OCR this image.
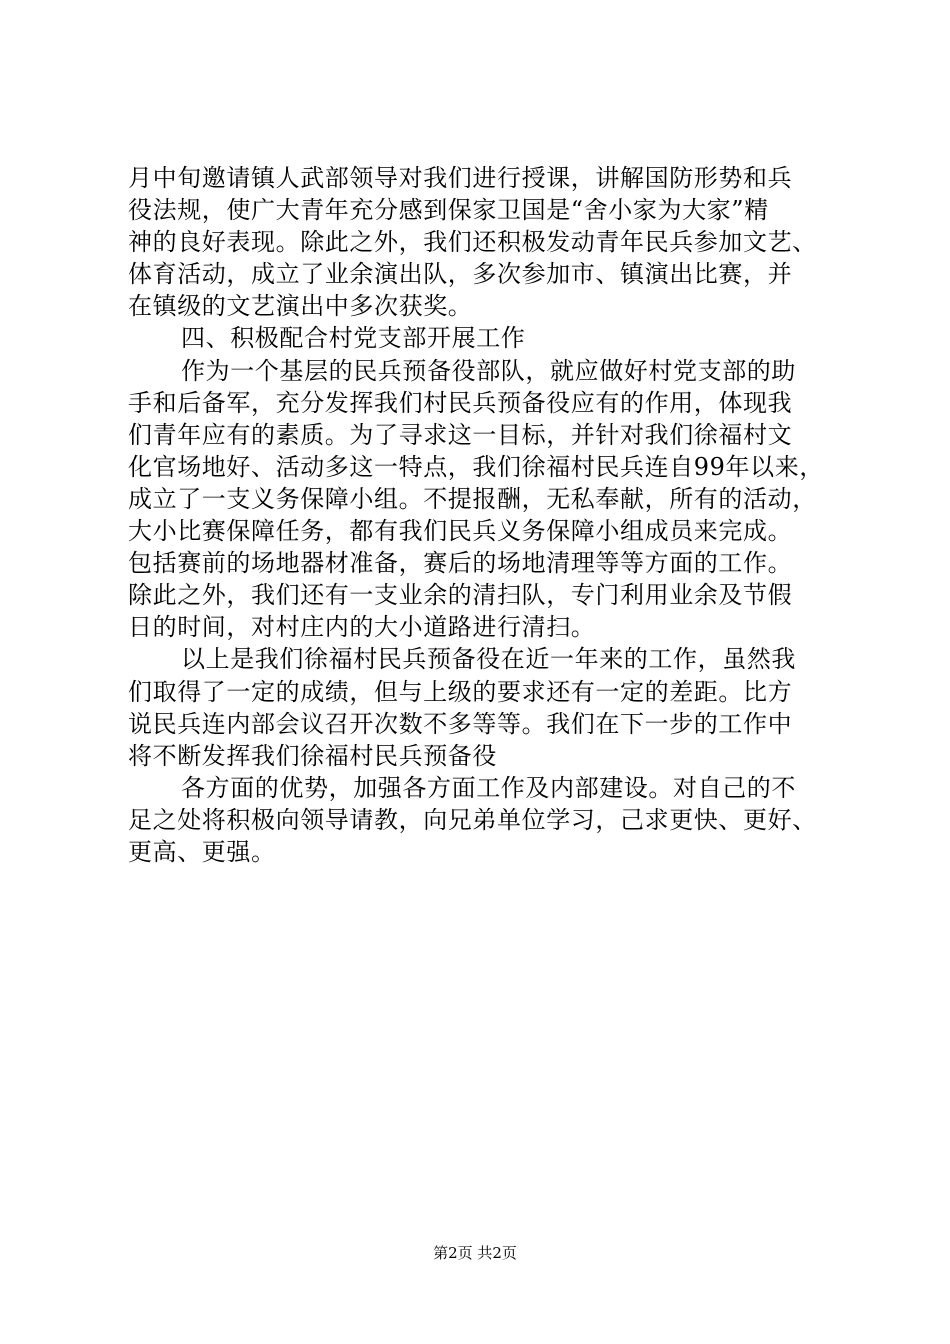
月中旬邀请镇人武部领导对我们进行授课，讲解国防形势和兵
役法规，使广大青年充分感到保家卫国是“舍小家为大家”精
神的良好表现。除此之外，我们还积极发动青年民兵参加文艺、
体育活动，成立了业余演出队，多次参加市、镇演出比赛，并
在镇级的文艺演出中多次获奖。
四、积极配合村党支部开展工作
作为一个基层的民兵预备役部队，就应做好村党支部的助
手和后备军，充分发挥我们村民兵预备役应有的作用，体现我
们青年应有的素质。为了寻求这一目标，并针对我们徐福村文
化官场地好、活动多这一特点，我们徐福村民兵连自99年以来，
成立了一支义务保障小组。不提报酬，无私奉献，所有的活动，
大小比赛保障任务，都有我们民兵义务保障小组成员来完成。
包括赛前的场地器材准备，赛后的场地清理等等方面的工作。
除此之外，我们还有一支业余的清扫队，专门利用业余及节假
日的时间，对村庄内的大小道路进行清扫。
以上是我们徐福村民兵预备役在近一年来的工作，虽然我
们取得了一定的成绩，但与上级的要求还有一定的差距。比方
说民兵连内部会议召开次数不多等等。我们在下一步的工作中
将不断发挥我们徐福村民兵预备役
各方面的优势，加强各方面工作及内部建设。对自己的不
足之处将积极向领导请教，向兄弟单位学习，己求更快、更好、
更高、更强。
第2页 共2页
